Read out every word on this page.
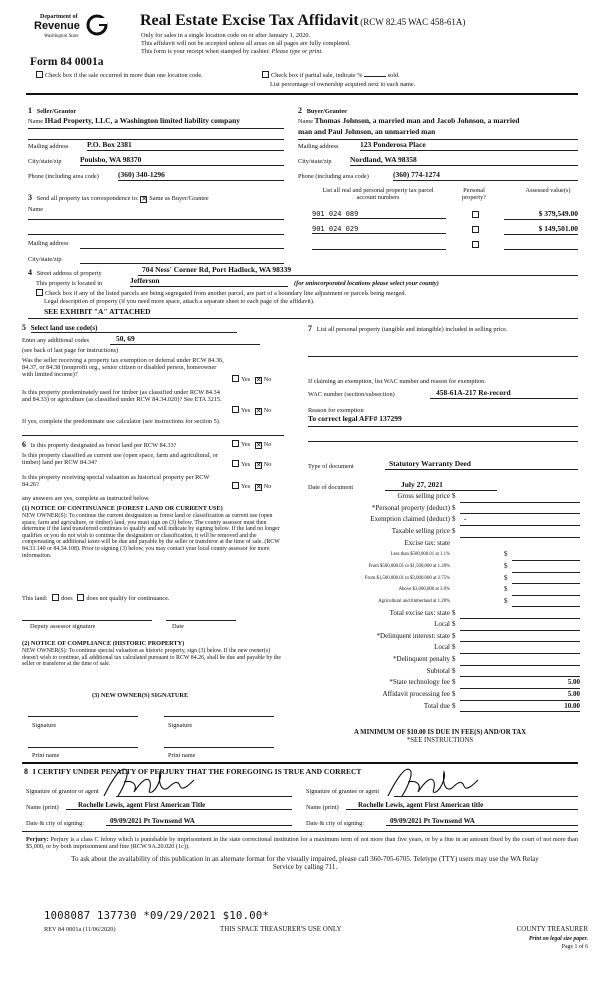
Department of
Revenue
Washington State
Form 84 0001a
Real Estate Excise Tax Affidavit (RCW 82.45 WAC 458-61A)
Only for sales in a single location code on or after January 1, 2020.
This affidavit will not be accepted unless all areas on all pages are fully completed.
This form is your receipt when stamped by cashier. Please type or print.
Check box if the sale occurred in more than one location code.	Check box if partial sale, indicate %	sold.
List percentage of ownership acquired next to each name.
1 Seller/Grantor
Name IHad Property, LLC, a Washington limited liability company
Mailing address P.O. Box 2381
City/state/zip Poulsbo, WA 98370
Phone (including area code)	(360) 340-1296
2 Buyer/Grantee
Name Thomas Johnson, a married man and Jacob Johnson, a married
man and Paul Johnson, an unmarried man
Mailing address	123 Ponderosa Place
City/state/zip Nordland, WA 98358
Phone (including area code)	(360) 774-1274
3 Send all property tax correspondence to: ✕ Same as Buyer/Grantee
Name
Mailing address
City/state/zip
List all real and personal property tax parcel account numbers
Personal property?
Assessed value(s)
901 024 089	$ 379,549.00
901 024 029	$ 149,501.00
4 Street address of property	704 Ness' Corner Rd, Port Hadlock, WA 98339
This property is located in	Jefferson	(for unincorporated locations please select your county)
Check box if any of the listed parcels are being segregated from another parcel, are part of a boundary line adjustment or parcels being merged.
Legal description of property (if you need more space, attach a separate sheet to each page of the affidavit).
SEE EXHIBIT "A" ATTACHED
5 Select land use code(s)
Enter any additional codes	50, 69
(see back of last page for instructions)
Was the seller receiving a property tax exemption or deferral under RCW 84.36, 84.37, or 84.38 (nonprofit org., senior citizen or disabled person, homeowner with limited income)?
Yes ✕ No
Is this property predominately used for timber (as classified under RCW 84.34 and 84.33) or agriculture (as classified under RCW 84.34.020)? See ETA 3215.
Yes ✕ No
If yes, complete the predominate use calculator (see instructions for section 5).
6 Is this property designated as forest land per RCW 84.33?	Yes ✕ No
Is this property classified as current use (open space, farm and agricultural, or timber) land per RCW 84.34?	Yes ✕ No
Is this property receiving special valuation as historical property per RCW 84.26?	Yes ✕ No
any answers are yes, complete as instructed below.
(1) NOTICE OF CONTINUANCE (FOREST LAND OR CURRENT USE)
NEW OWNER(S): To continue the current designation as forest land or classification as current use (open space, farm and agriculture, or timber) land, you must sign on (3) below. The county assessor must then determine if the land transferred continues to qualify and will indicate by signing below. If the land no longer qualifies or you do not wish to continue the designation or classification, it will be removed and the compensating or additional taxes will be due and payable by the seller or transferor at the time of sale. (RCW 84.33.140 or 84.34.108). Prior to signing (3) below, you may contact your local county assessor for more information.
This land: does does not qualify for continuance.
Deputy assessor signature	Date
(2) NOTICE OF COMPLIANCE (HISTORIC PROPERTY)
NEW OWNER(S): To continue special valuation as historic property, sign (3) below. If the new owner(s) doesn't wish to continue, all additional tax calculated pursuant to RCW 84.26, shall be due and payable by the seller or transferor at the time of sale.
(3) NEW OWNER(S) SIGNATURE
Signature	Signature
Print name	Print name
7 List all personal property (tangible and intangible) included in selling price.
If claiming an exemption, list WAC number and reason for exemption.
WAC number (section/subsection)	458-61A-217 Re-record
Reason for exemption
To correct legal AFF# 137299
Type of document	Statutory Warranty Deed
Date of document	July 27, 2021
Gross selling price $
*Personal property (deduct) $
Exemption claimed (deduct) $	-
Taxable selling price $
Excise tax: state
Less than $500,000.01 at 1.1%	$
From $500,000.01 to $1,500,000 at 1.28%	$
From $1,500,000.01 to $3,000,000 at 2.75%	$
Above $3,000,000 at 3.0%	$
Agricultural and timberland at 1.28%	$
Total excise tax: state $
Local $
*Delinquent interest: state $
Local $
*Delinquent penalty $
Subtotal $
*State technology fee $	5.00
Affidavit processing fee $	5.00
Total due $	10.00
A MINIMUM OF $10.00 IS DUE IN FEE(S) AND/OR TAX
*SEE INSTRUCTIONS
8 I CERTIFY UNDER PENALTY OF PERJURY THAT THE FOREGOING IS TRUE AND CORRECT
Signature of grantor or agent
Name (print)	Rochelle Lewis, agent First American Title
Date & city of signing:	09/09/2021 Pt Townsend WA
Signature of grantee or agent
Name (print)	Rochelle Lewis, agent First American title
Date & city of signing:	09/09/2021 Pt Townsend WA
Perjury: Perjury is a class C felony which is punishable by imprisonment in the state correctional institution for a maximum term of not more than five years, or by a fine in an amount fixed by the court of not more than $5,000, or by both imprisonment and fine (RCW 9A.20.020 (1c)).
To ask about the availability of this publication in an alternate format for the visually impaired, please call 360-705-6705. Teletype (TTY) users may use the WA Relay Service by calling 711.
1008087 137730 *09/29/2021 $10.00*
REV 84 0001a (11/06/2020)	THIS SPACE TREASURER'S USE ONLY	COUNTY TREASURER
Print on legal size paper.
Page 1 of 6
